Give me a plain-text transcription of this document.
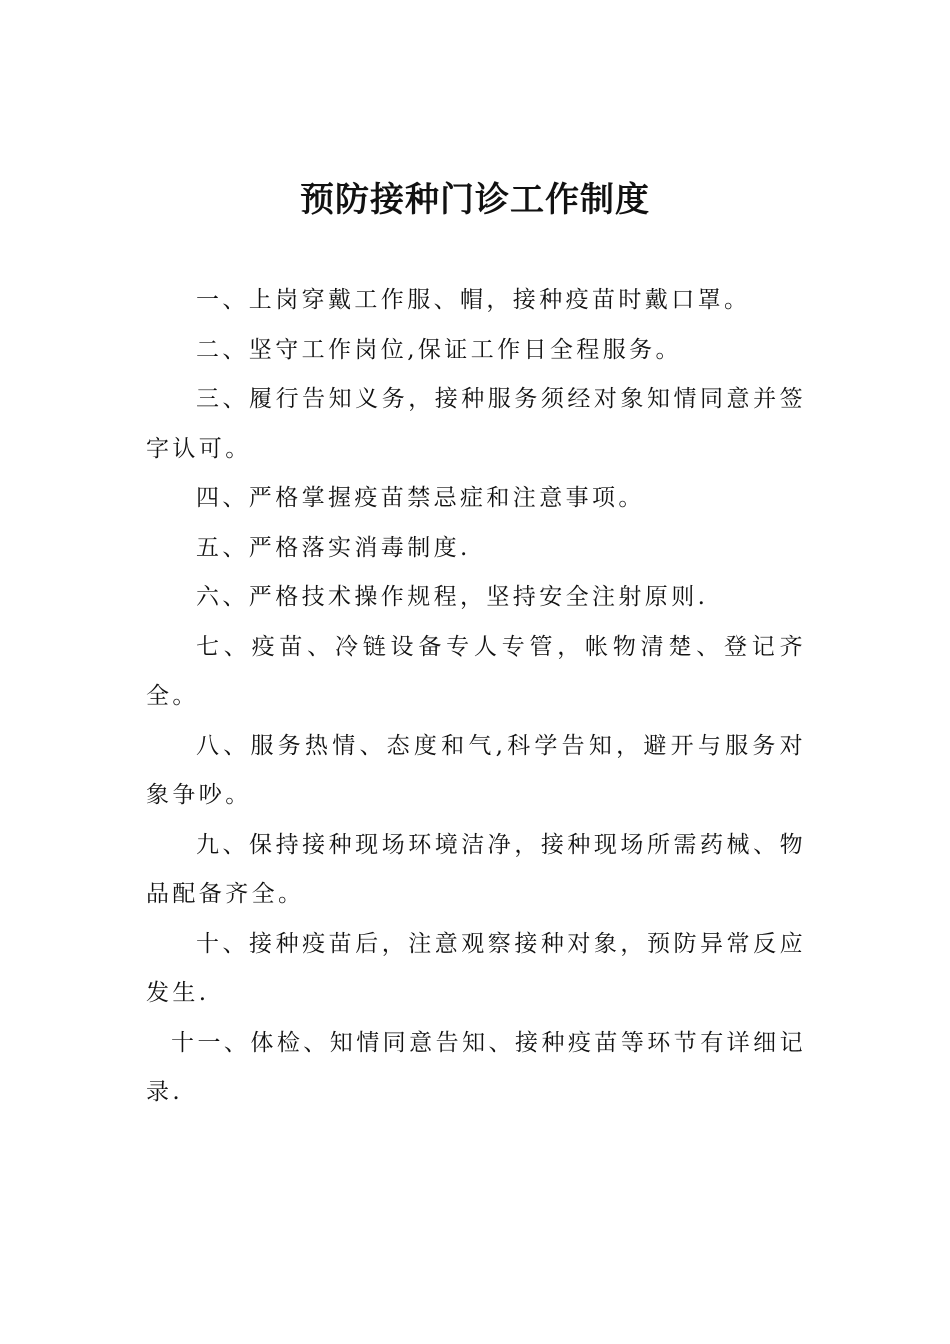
预防接种门诊工作制度

一、上岗穿戴工作服、帽，接种疫苗时戴口罩。

二、坚守工作岗位,保证工作日全程服务。

三、履行告知义务，接种服务须经对象知情同意并签字认可。

四、严格掌握疫苗禁忌症和注意事项。

五、严格落实消毒制度.

六、严格技术操作规程，坚持安全注射原则.

七、疫苗、冷链设备专人专管，帐物清楚、登记齐全。

八、服务热情、态度和气,科学告知，避开与服务对象争吵。

九、保持接种现场环境洁净，接种现场所需药械、物品配备齐全。

十、接种疫苗后，注意观察接种对象，预防异常反应发生.

十一、体检、知情同意告知、接种疫苗等环节有详细记录.
